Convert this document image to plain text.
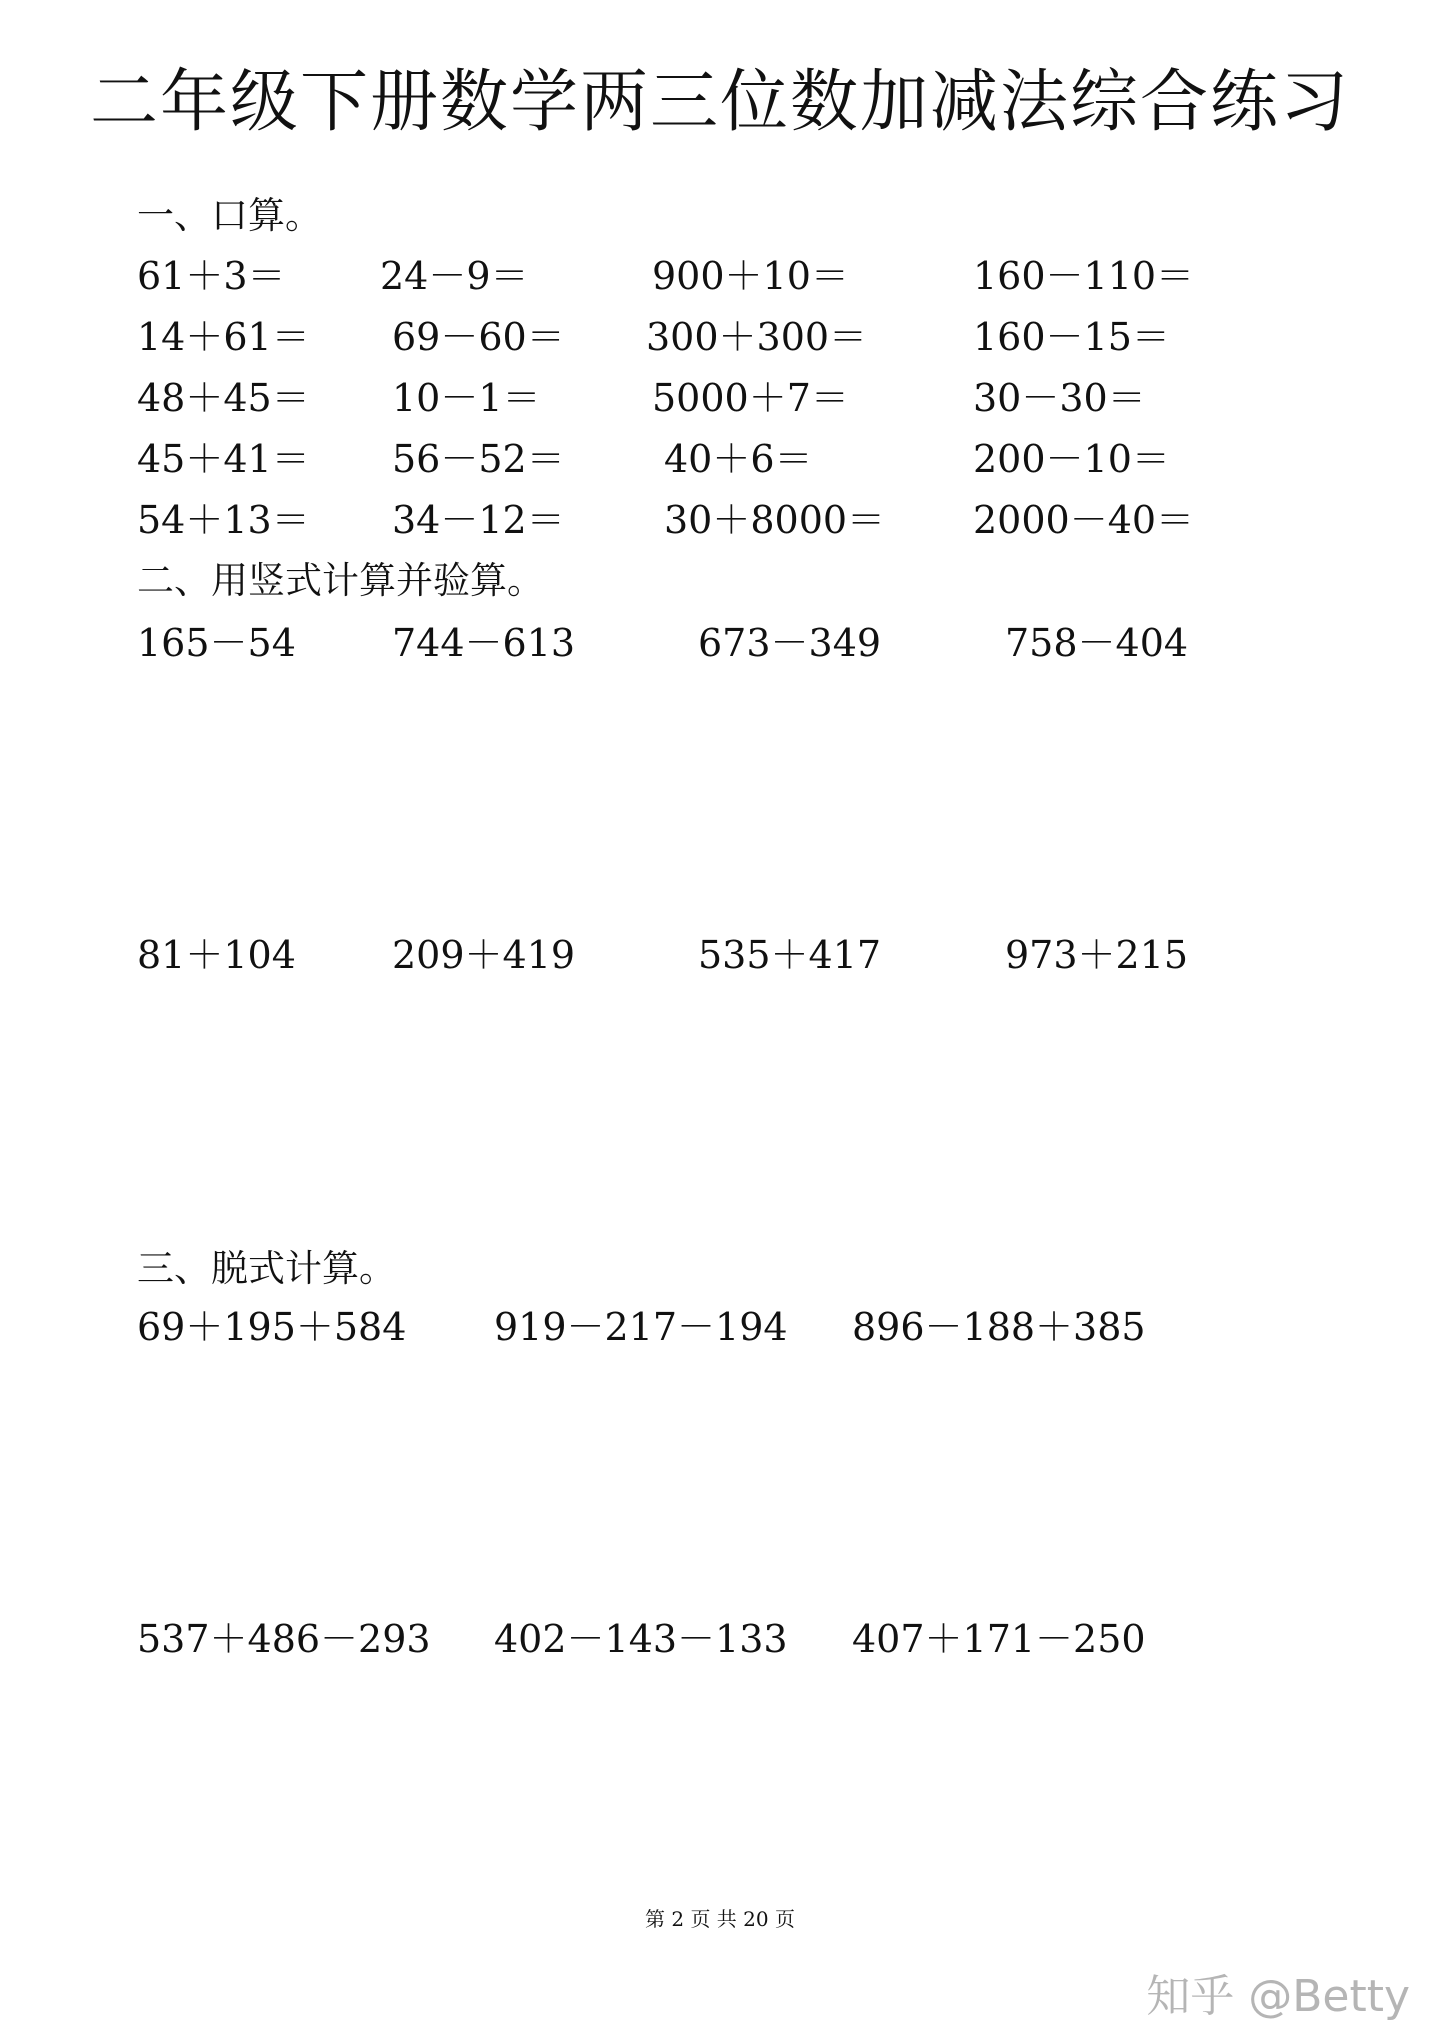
二年级下册数学两三位数加减法综合练习
一、口算。
61＋3＝ 24－9＝	900＋10＝	160－110＝
14＋61＝ 69－60＝ 300＋300＝	160－15＝
48＋45＝ 10－1＝	5000＋7＝	30－30＝
45＋41＝ 56－52＝	40＋6＝	200－10＝
54＋13＝ 34－12＝	30＋8000＝ 2000－40＝
二、用竖式计算并验算。
165－54	744－613	673－349	758－404
81＋104	209＋419	535＋417	973＋215
三、脱式计算。
69＋195＋584 919－217－194 896－188＋385
537＋486－293 402－143－133 407＋171－250
第 2 页 共 20 页
知乎 @Betty
